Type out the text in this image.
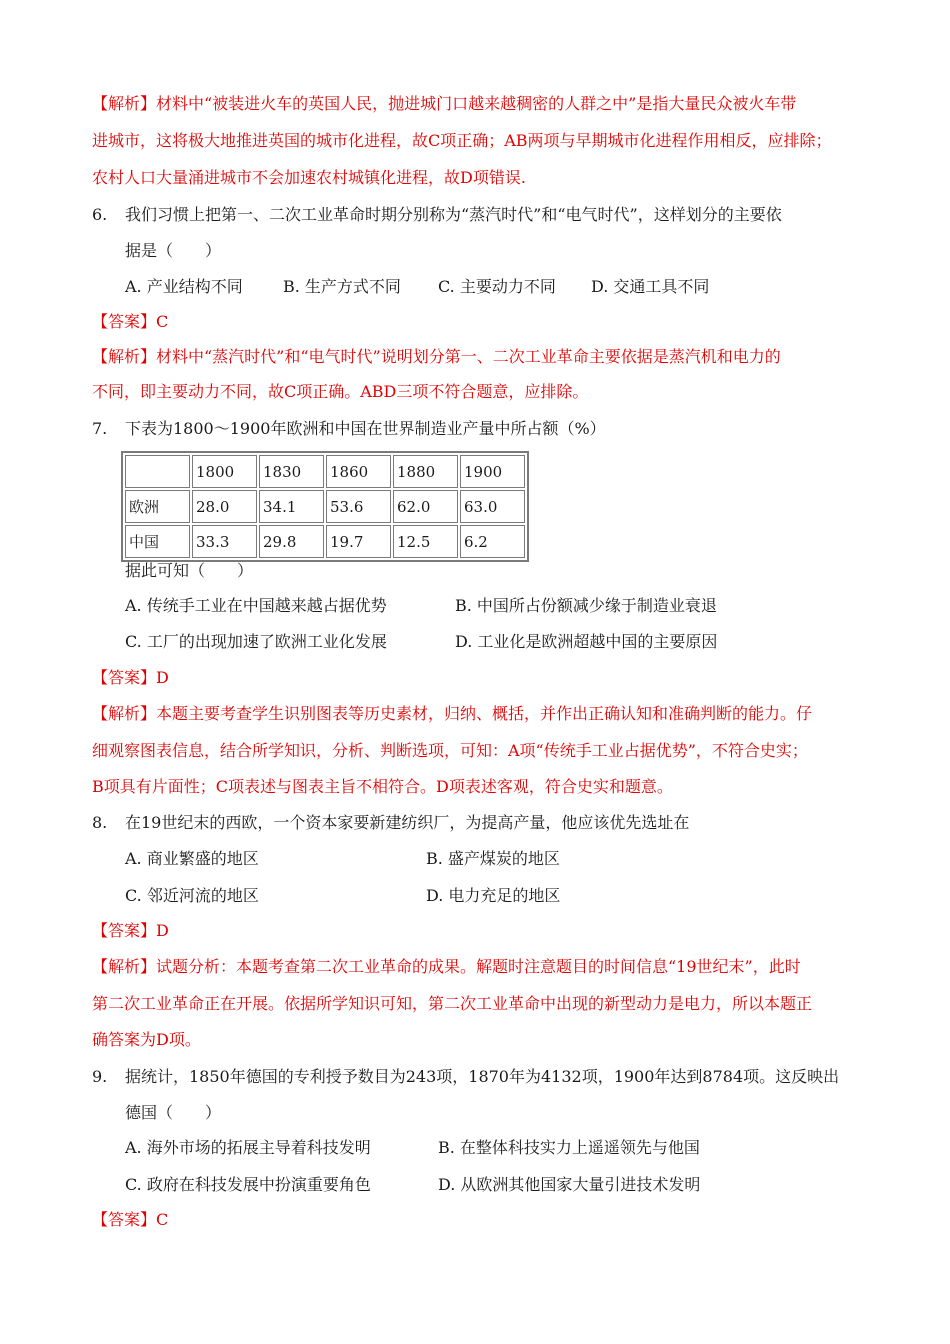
【解析】材料中“被装进火车的英国人民，抛进城门口越来越稠密的人群之中”是指大量民众被火车带
进城市，这将极大地推进英国的城市化进程，故C项正确；AB两项与早期城市化进程作用相反，应排除；
农村人口大量涌进城市不会加速农村城镇化进程，故D项错误.
6. 我们习惯上把第一、二次工业革命时期分别称为“蒸汽时代”和“电气时代”，这样划分的主要依
据是（　　）
A. 产业结构不同	B. 生产方式不同 C. 主要动力不同 D. 交通工具不同
【答案】C
【解析】材料中“蒸汽时代”和“电气时代”说明划分第一、二次工业革命主要依据是蒸汽机和电力的
不同，即主要动力不同，故C项正确。ABD三项不符合题意，应排除。
7. 下表为1800～1900年欧洲和中国在世界制造业产量中所占额（%）
	1800	1830	1860	1880	1900
欧洲	28.0	34.1	53.6	62.0	63.0
中国	33.3	29.8	19.7	12.5	6.2
据此可知（　　）
A. 传统手工业在中国越来越占据优势	B. 中国所占份额减少缘于制造业衰退
C. 工厂的出现加速了欧洲工业化发展	D. 工业化是欧洲超越中国的主要原因
【答案】D
【解析】本题主要考查学生识别图表等历史素材，归纳、概括，并作出正确认知和准确判断的能力。仔
细观察图表信息，结合所学知识，分析、判断选项，可知：A项“传统手工业占据优势”，不符合史实；
B项具有片面性；C项表述与图表主旨不相符合。D项表述客观，符合史实和题意。
8. 在19世纪末的西欧，一个资本家要新建纺织厂，为提高产量，他应该优先选址在
A. 商业繁盛的地区	B. 盛产煤炭的地区
C. 邻近河流的地区	D. 电力充足的地区
【答案】D
【解析】试题分析：本题考查第二次工业革命的成果。解题时注意题目的时间信息“19世纪末”，此时
第二次工业革命正在开展。依据所学知识可知，第二次工业革命中出现的新型动力是电力，所以本题正
确答案为D项。
9. 据统计，1850年德国的专利授予数目为243项，1870年为4132项，1900年达到8784项。这反映出
德国（　　）
A. 海外市场的拓展主导着科技发明	B. 在整体科技实力上遥遥领先与他国
C. 政府在科技发展中扮演重要角色	D. 从欧洲其他国家大量引进技术发明
【答案】C
